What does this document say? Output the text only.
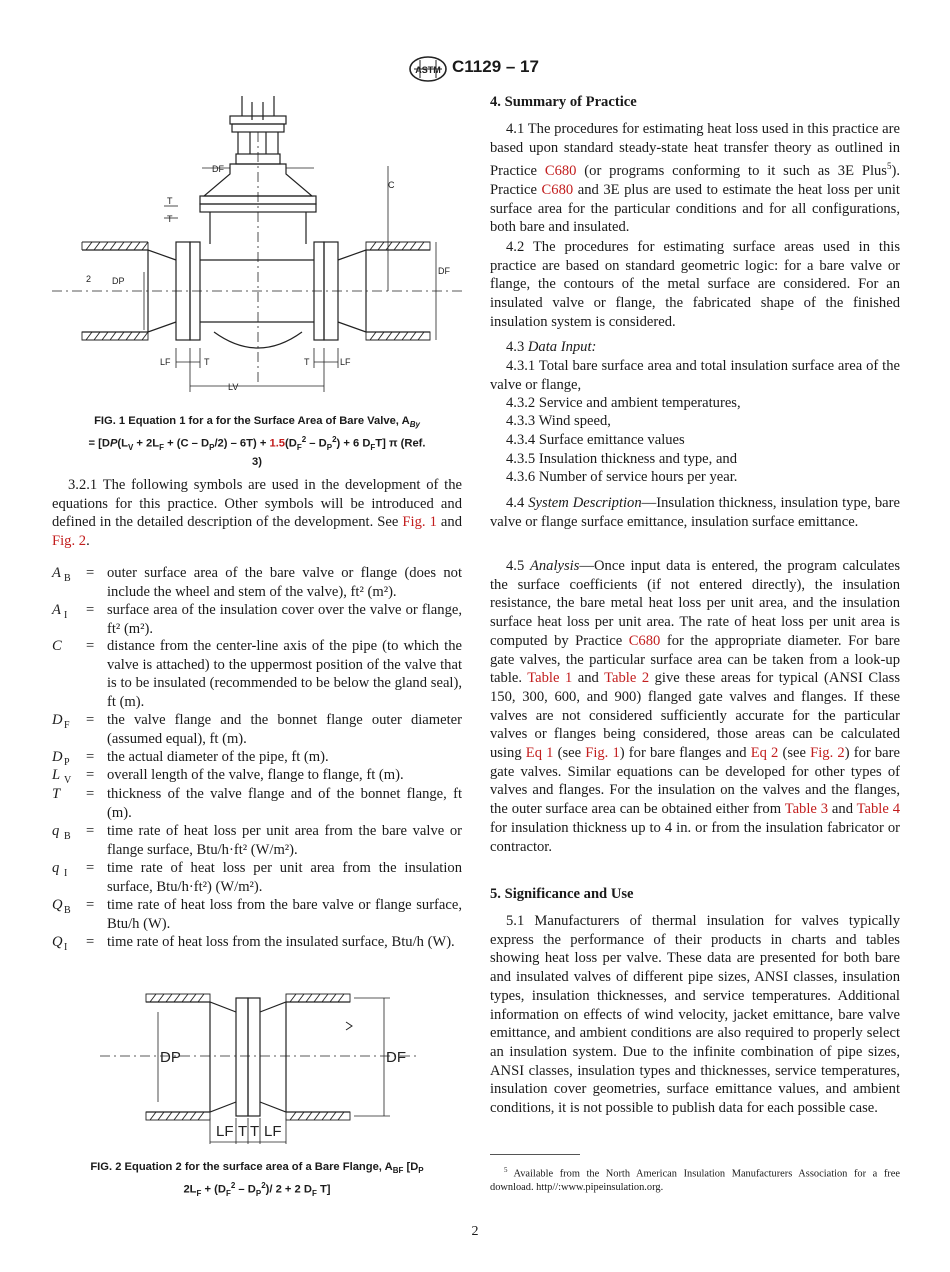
ASTM C1129 – 17
DF
C
T
T
DP
DF
LF	T	T	LF
LV
2
FIG. 1 Equation 1 for a for the Surface Area of Bare Valve, $A_{By}$
= [$DP(L_V + 2L_F + (C - D_P/2) - 6T) + 1.5(D_F^2 - D_P^2) + 6$ $D_FT$] π (Ref.
3)

3.2.1 The following symbols are used in the development of the equations for this practice. Other symbols will be introduced and defined in the detailed description of the development. See Fig. 1 and Fig. 2.

A B = outer surface area of the bare valve or flange (does not include the wheel and stem of the valve), ft² (m²).
A I = surface area of the insulation cover over the valve or flange, ft² (m²).
C = distance from the center-line axis of the pipe (to which the valve is attached) to the uppermost position of the valve that is to be insulated (recommended to be below the gland seal), ft (m).
D F = the valve flange and the bonnet flange outer diameter (assumed equal), ft (m).
D P = the actual diameter of the pipe, ft (m).
L V = overall length of the valve, flange to flange, ft (m).
T = thickness of the valve flange and of the bonnet flange, ft (m).
q B = time rate of heat loss per unit area from the bare valve or flange surface, Btu/h·ft² (W/m²).
q I = time rate of heat loss per unit area from the insulation surface, Btu/h·ft²) (W/m²).
Q B = time rate of heat loss from the bare valve or flange surface, Btu/h (W).
Q I = time rate of heat loss from the insulated surface, Btu/h (W).
DP	DF
LF T T LF
FIG. 2 Equation 2 for the surface area of a Bare Flange, $A_{BF}$ [$D_P$
$2L_F + (D_F^2 - D_P^2)/$ 2 + 2 $D_F$ T]
4. Summary of Practice

4.1 The procedures for estimating heat loss used in this practice are based upon standard steady-state heat transfer theory as outlined in Practice C680 (or programs conforming to it such as 3E Plus$^5$). Practice C680 and 3E plus are used to estimate the heat loss per unit surface area for the particular conditions and for all configurations, both bare and insulated.

4.2 The procedures for estimating surface areas used in this practice are based on standard geometric logic: for a bare valve or flange, the contours of the metal surface are considered. For an insulated valve or flange, the fabricated shape of the finished insulation system is considered.

4.3 Data Input:

4.3.1 Total bare surface area and total insulation surface area of the valve or flange,

4.3.2 Service and ambient temperatures,
4.3.3 Wind speed,
4.3.4 Surface emittance values
4.3.5 Insulation thickness and type, and
4.3.6 Number of service hours per year.

4.4 System Description—Insulation thickness, insulation type, bare valve or flange surface emittance, insulation surface emittance.

4.5 Analysis—Once input data is entered, the program calculates the surface coefficients (if not entered directly), the insulation resistance, the bare metal heat loss per unit area, and the insulation surface heat loss per unit area. The rate of heat loss per unit area is computed by Practice C680 for the appropriate diameter. For bare gate valves, the particular surface area can be taken from a look-up table. Table 1 and Table 2 give these areas for typical (ANSI Class 150, 300, 600, and 900) flanged gate valves and flanges. If these valves are not considered sufficiently accurate for the particular valves or flanges being considered, those areas can be calculated using Eq 1 (see Fig. 1) for bare flanges and Eq 2 (see Fig. 2) for bare gate valves. Similar equations can be developed for other types of valves and flanges. For the insulation on the valves and the flanges, the outer surface area can be obtained either from Table 3 and Table 4 for insulation thickness up to 4 in. or from the insulation fabricator or contractor.

5. Significance and Use

5.1 Manufacturers of thermal insulation for valves typically express the performance of their products in charts and tables showing heat loss per valve. These data are presented for both bare and insulated valves of different pipe sizes, ANSI classes, insulation types, insulation thicknesses, and service temperatures. Additional information on effects of wind velocity, jacket emittance, bare valve emittance, and ambient conditions are also required to properly select an insulation system. Due to the infinite combination of pipe sizes, ANSI classes, insulation types and thicknesses, service temperatures, insulation cover geometries, surface emittance values, and ambient conditions, it is not possible to publish data for each possible case.

$^5$ Available from the North American Insulation Manufacturers Association for a free download. http//:www.pipeinsulation.org.
2
